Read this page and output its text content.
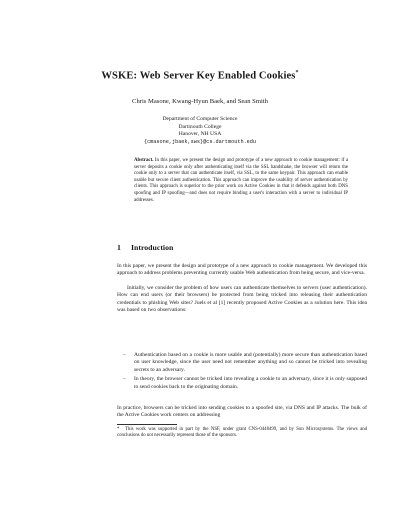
WSKE: Web Server Key Enabled Cookies*
Chris Masone, Kwang-Hyun Baek, and Sean Smith
Department of Computer Science
Dartmouth College
Hanover, NH USA
{cmasone,jbaek,sws}@cs.dartmouth.edu
Abstract. In this paper, we present the design and prototype of a new approach to cookie management: if a server deposits a cookie only after authenticating itself via the SSL handshake, the browser will return the cookie only to a server that can authenticate itself, via SSL, to the same keypair. This approach can enable usable but secure client authentication. This approach can improve the usability of server authentication by clients. This approach is superior to the prior work on Active Cookies in that it defends against both DNS spoofing and IP spoofing—and does not require binding a user's interaction with a server to individual IP addresses.
1 Introduction

In this paper, we present the design and prototype of a new approach to cookie management. We developed this approach to address problems preventing currently usable Web authentication from being secure, and vice-versa.

Initially, we consider the problem of how users can authenticate themselves to servers (user authentication). How can end users (or their browsers) be protected from being tricked into releasing their authentication credentials to phishing Web sites? Juels et al [1] recently proposed Active Cookies as a solution here. This idea was based on two observations:

– Authentication based on a cookie is more usable and (potentially) more secure than authentication based on user knowledge, since the user need not remember anything and so cannot be tricked into revealing secrets to an adversary.
– In theory, the browser cannot be tricked into revealing a cookie to an adversary, since it is only supposed to send cookies back to the originating domain.

In practice, browsers can be tricked into sending cookies to a spoofed site, via DNS and IP attacks. The bulk of the Active Cookies work centers on addressing

* This work was supported in part by the NSF, under grant CNS-0448499, and by Sun Microsystems. The views and conclusions do not necessarily represent those of the sponsors.
